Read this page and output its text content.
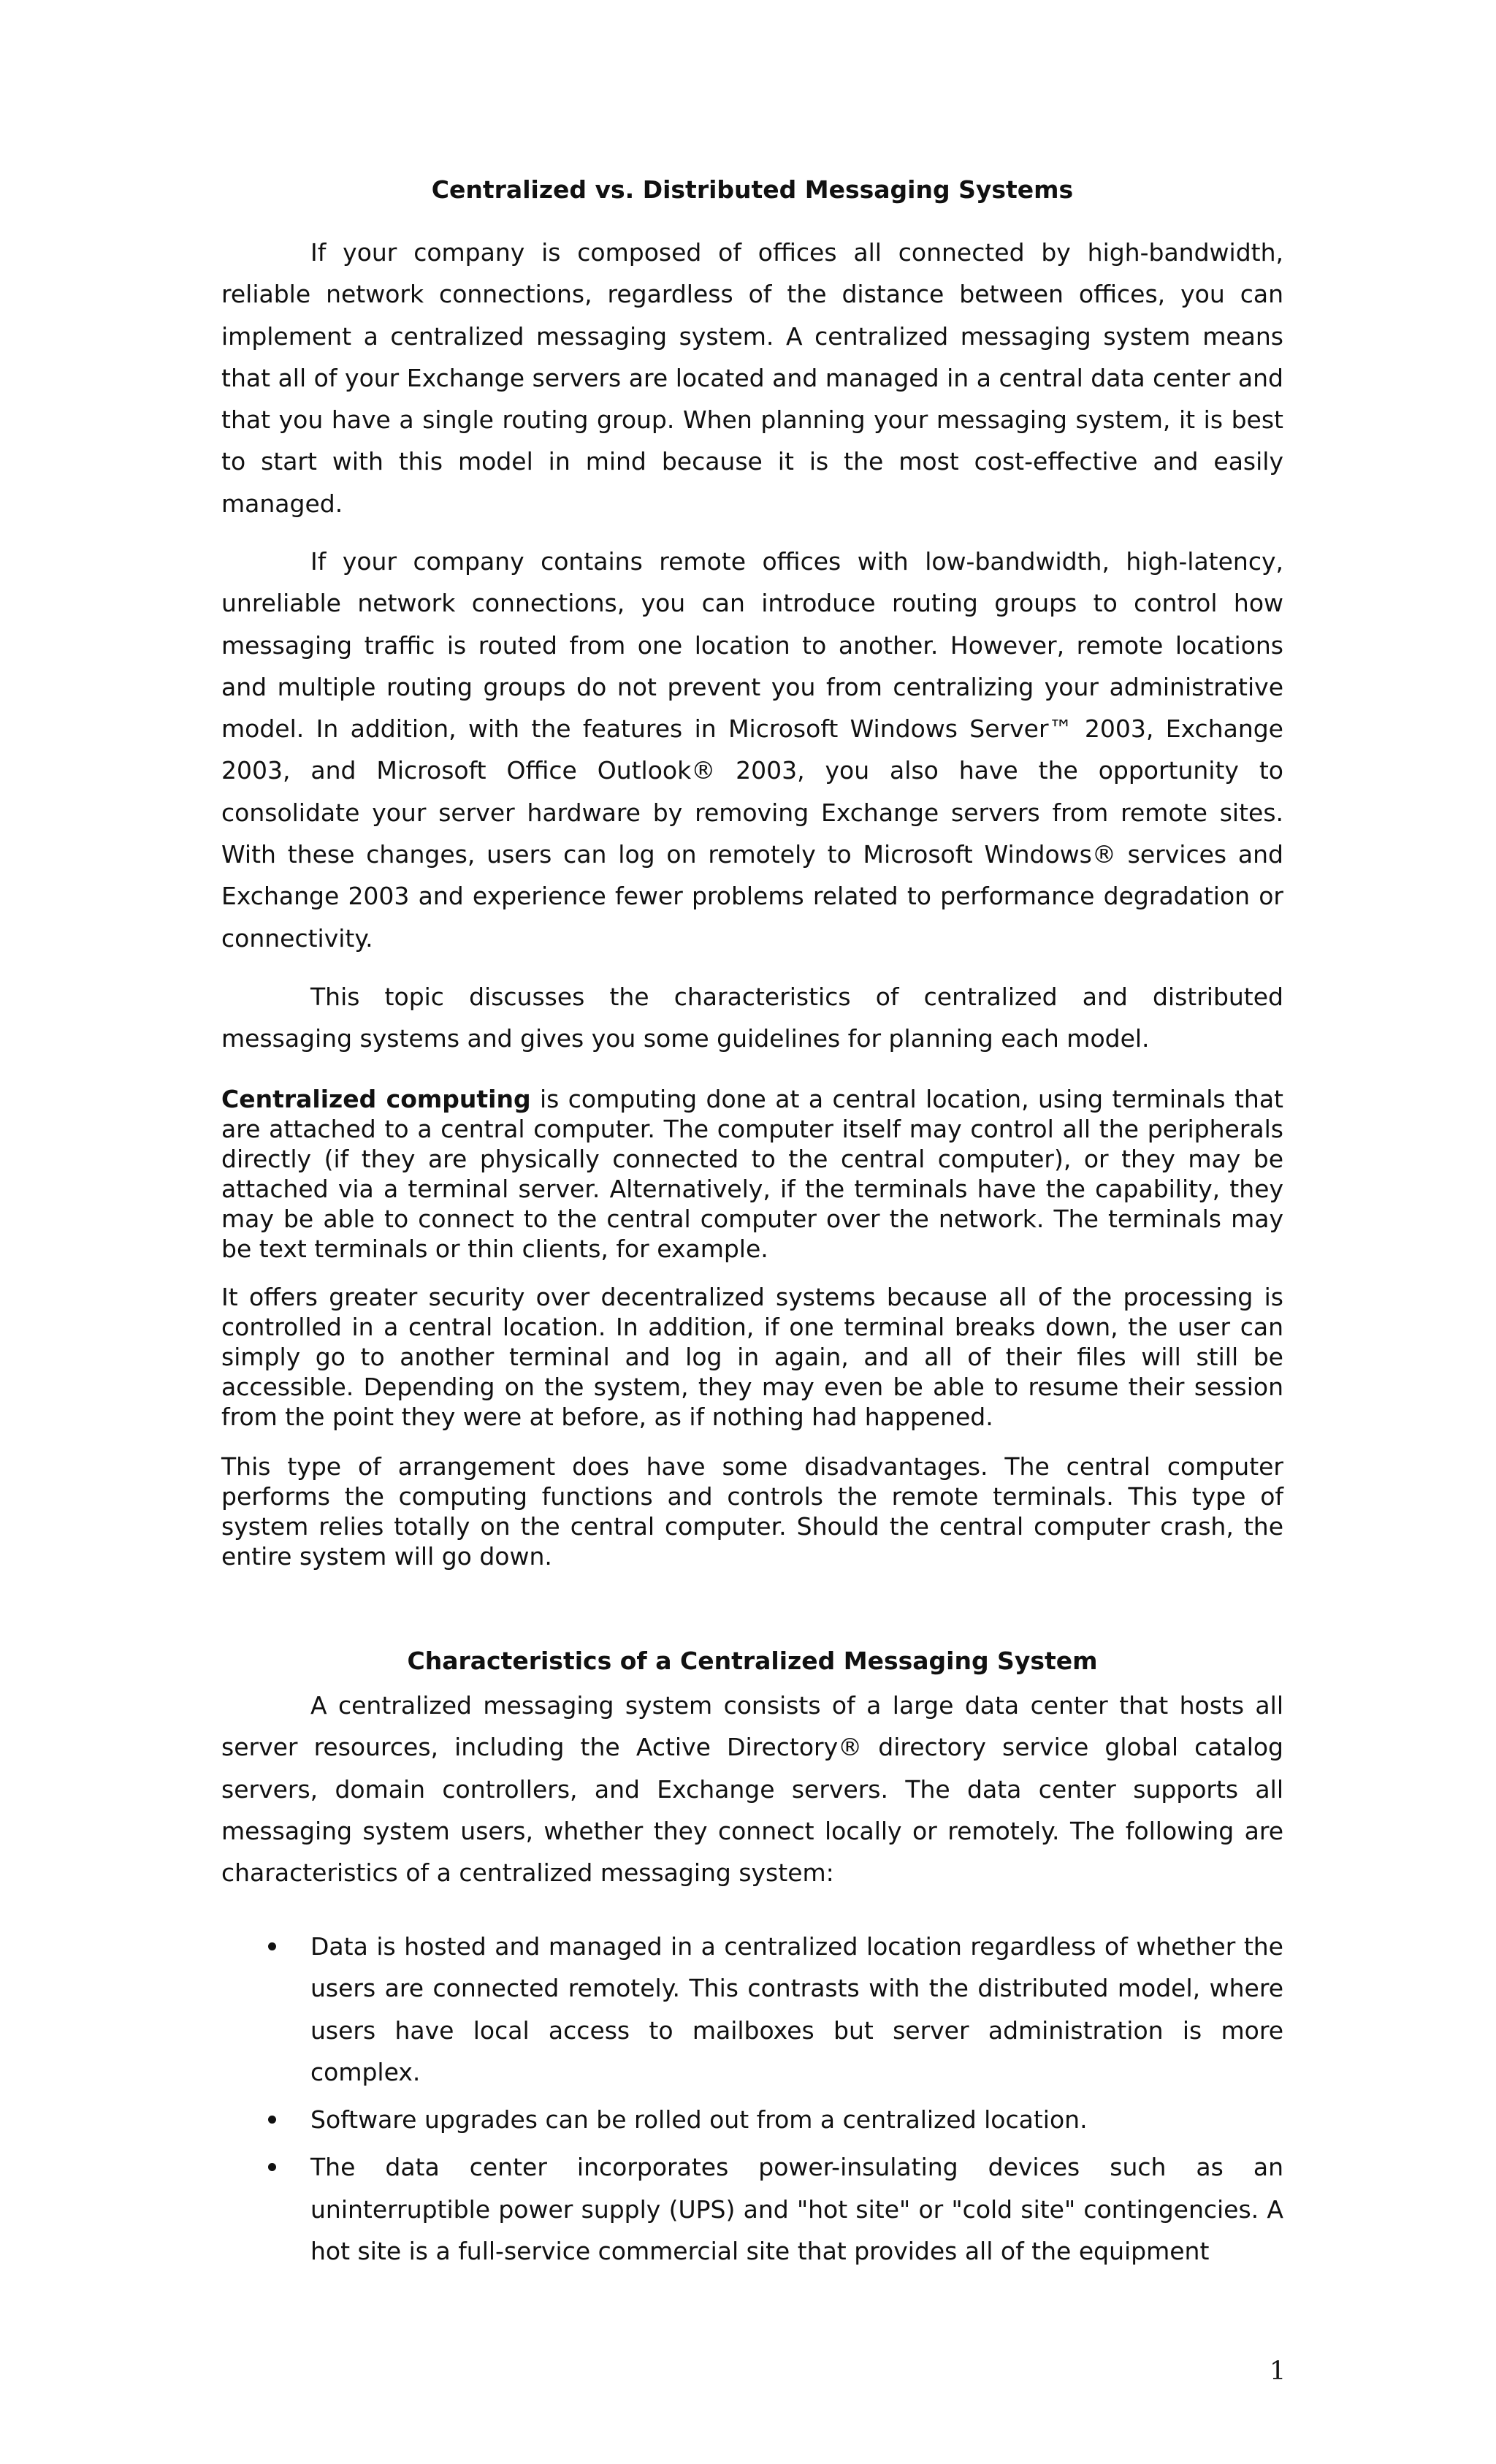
Centralized vs. Distributed Messaging Systems

If your company is composed of offices all connected by high-bandwidth, reliable network connections, regardless of the distance between offices, you can implement a centralized messaging system. A centralized messaging system means that all of your Exchange servers are located and managed in a central data center and that you have a single routing group. When planning your messaging system, it is best to start with this model in mind because it is the most cost-effective and easily managed.

If your company contains remote offices with low-bandwidth, high-latency, unreliable network connections, you can introduce routing groups to control how messaging traffic is routed from one location to another. However, remote locations and multiple routing groups do not prevent you from centralizing your administrative model. In addition, with the features in Microsoft Windows Server™ 2003, Exchange 2003, and Microsoft Office Outlook® 2003, you also have the opportunity to consolidate your server hardware by removing Exchange servers from remote sites. With these changes, users can log on remotely to Microsoft Windows® services and Exchange 2003 and experience fewer problems related to performance degradation or connectivity.

This topic discusses the characteristics of centralized and distributed messaging systems and gives you some guidelines for planning each model.

Centralized computing is computing done at a central location, using terminals that are attached to a central computer. The computer itself may control all the peripherals directly (if they are physically connected to the central computer), or they may be attached via a terminal server. Alternatively, if the terminals have the capability, they may be able to connect to the central computer over the network. The terminals may be text terminals or thin clients, for example.

It offers greater security over decentralized systems because all of the processing is controlled in a central location. In addition, if one terminal breaks down, the user can simply go to another terminal and log in again, and all of their files will still be accessible. Depending on the system, they may even be able to resume their session from the point they were at before, as if nothing had happened.

This type of arrangement does have some disadvantages. The central computer performs the computing functions and controls the remote terminals. This type of system relies totally on the central computer. Should the central computer crash, the entire system will go down.

Characteristics of a Centralized Messaging System

A centralized messaging system consists of a large data center that hosts all server resources, including the Active Directory® directory service global catalog servers, domain controllers, and Exchange servers. The data center supports all messaging system users, whether they connect locally or remotely. The following are characteristics of a centralized messaging system:

Data is hosted and managed in a centralized location regardless of whether the users are connected remotely. This contrasts with the distributed model, where users have local access to mailboxes but server administration is more complex.
Software upgrades can be rolled out from a centralized location.
The data center incorporates power-insulating devices such as an uninterruptible power supply (UPS) and "hot site" or "cold site" contingencies. A hot site is a full-service commercial site that provides all of the equipment
1
